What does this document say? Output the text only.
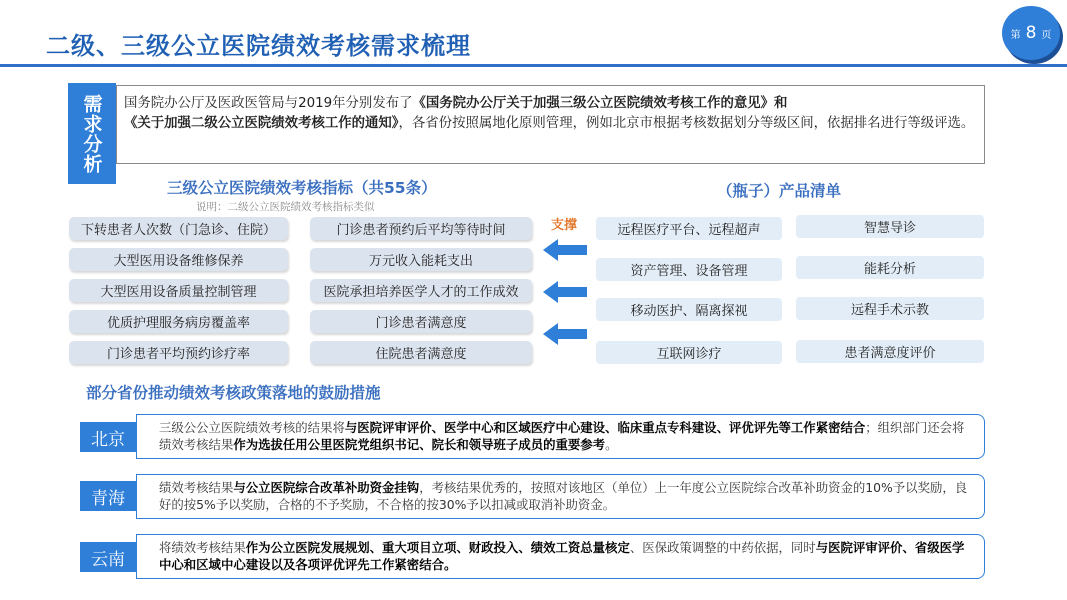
二级、三级公立医院绩效考核需求梳理	第 8 页
需求分析	国务院办公厅及医政医管局与2019年分别发布了《国务院办公厅关于加强三级公立医院绩效考核工作的意见》和
《关于加强二级公立医院绩效考核工作的通知》，各省份按照属地化原则管理，例如北京市根据考核数据划分等级区间，依据排名进行等级评选。
三级公立医院绩效考核指标（共55条）
说明：二级公立医院绩效考核指标类似
下转患者人次数（门急诊、住院）
大型医用设备维修保养
大型医用设备质量控制管理
优质护理服务病房覆盖率
门诊患者平均预约诊疗率
门诊患者预约后平均等待时间
万元收入能耗支出
医院承担培养医学人才的工作成效
门诊患者满意度
住院患者满意度
支撑
（瓶子）产品清单
远程医疗平台、远程超声
资产管理、设备管理
移动医护、隔离探视
互联网诊疗
智慧导诊
能耗分析
远程手术示教
患者满意度评价
部分省份推动绩效考核政策落地的鼓励措施
北京
三级公公立医院绩效考核的结果将与医院评审评价、医学中心和区域医疗中心建设、临床重点专科建设、评优评先等工作紧密结合；组织部门还会将绩效考核结果作为选拔任用公里医院党组织书记、院长和领导班子成员的重要参考。
青海
绩效考核结果与公立医院综合改革补助资金挂钩，考核结果优秀的，按照对该地区（单位）上一年度公立医院综合改革补助资金的10%予以奖励，良好的按5%予以奖励，合格的不予奖励，不合格的按30%予以扣减或取消补助资金。
云南
将绩效考核结果作为公立医院发展规划、重大项目立项、财政投入、绩效工资总量核定、医保政策调整的中药依据，同时与医院评审评价、省级医学中心和区域中心建设以及各项评优评先工作紧密结合。
